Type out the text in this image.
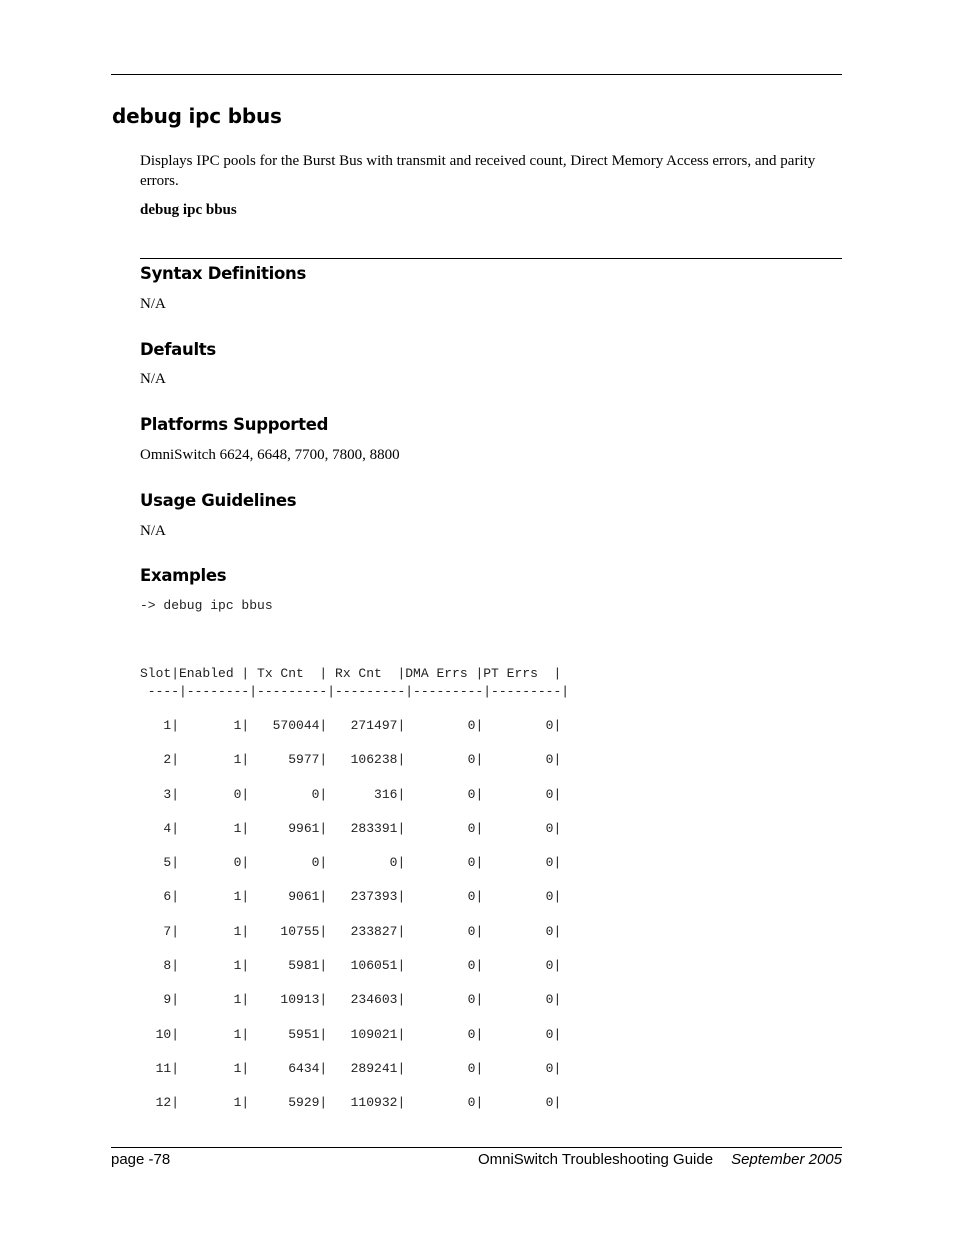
debug ipc bbus
Displays IPC pools for the Burst Bus with transmit and received count, Direct Memory Access errors, and parity errors.
debug ipc bbus
Syntax Definitions
N/A
Defaults
N/A
Platforms Supported
OmniSwitch 6624, 6648, 7700, 7800, 8800
Usage Guidelines
N/A
Examples
-> debug ipc bbus
Slot|Enabled | Tx Cnt  | Rx Cnt  |DMA Errs |PT Errs  |
----|--------|---------|---------|---------|---------|
1|       1|   570044|   271497|        0|        0|
2|       1|     5977|   106238|        0|        0|
3|       0|        0|      316|        0|        0|
4|       1|     9961|   283391|        0|        0|
5|       0|        0|        0|        0|        0|
6|       1|     9061|   237393|        0|        0|
7|       1|    10755|   233827|        0|        0|
8|       1|     5981|   106051|        0|        0|
9|       1|    10913|   234603|        0|        0|
10|       1|     5951|   109021|        0|        0|
11|       1|     6434|   289241|        0|        0|
12|       1|     5929|   110932|        0|        0|
page -78	OmniSwitch Troubleshooting Guide September 2005
